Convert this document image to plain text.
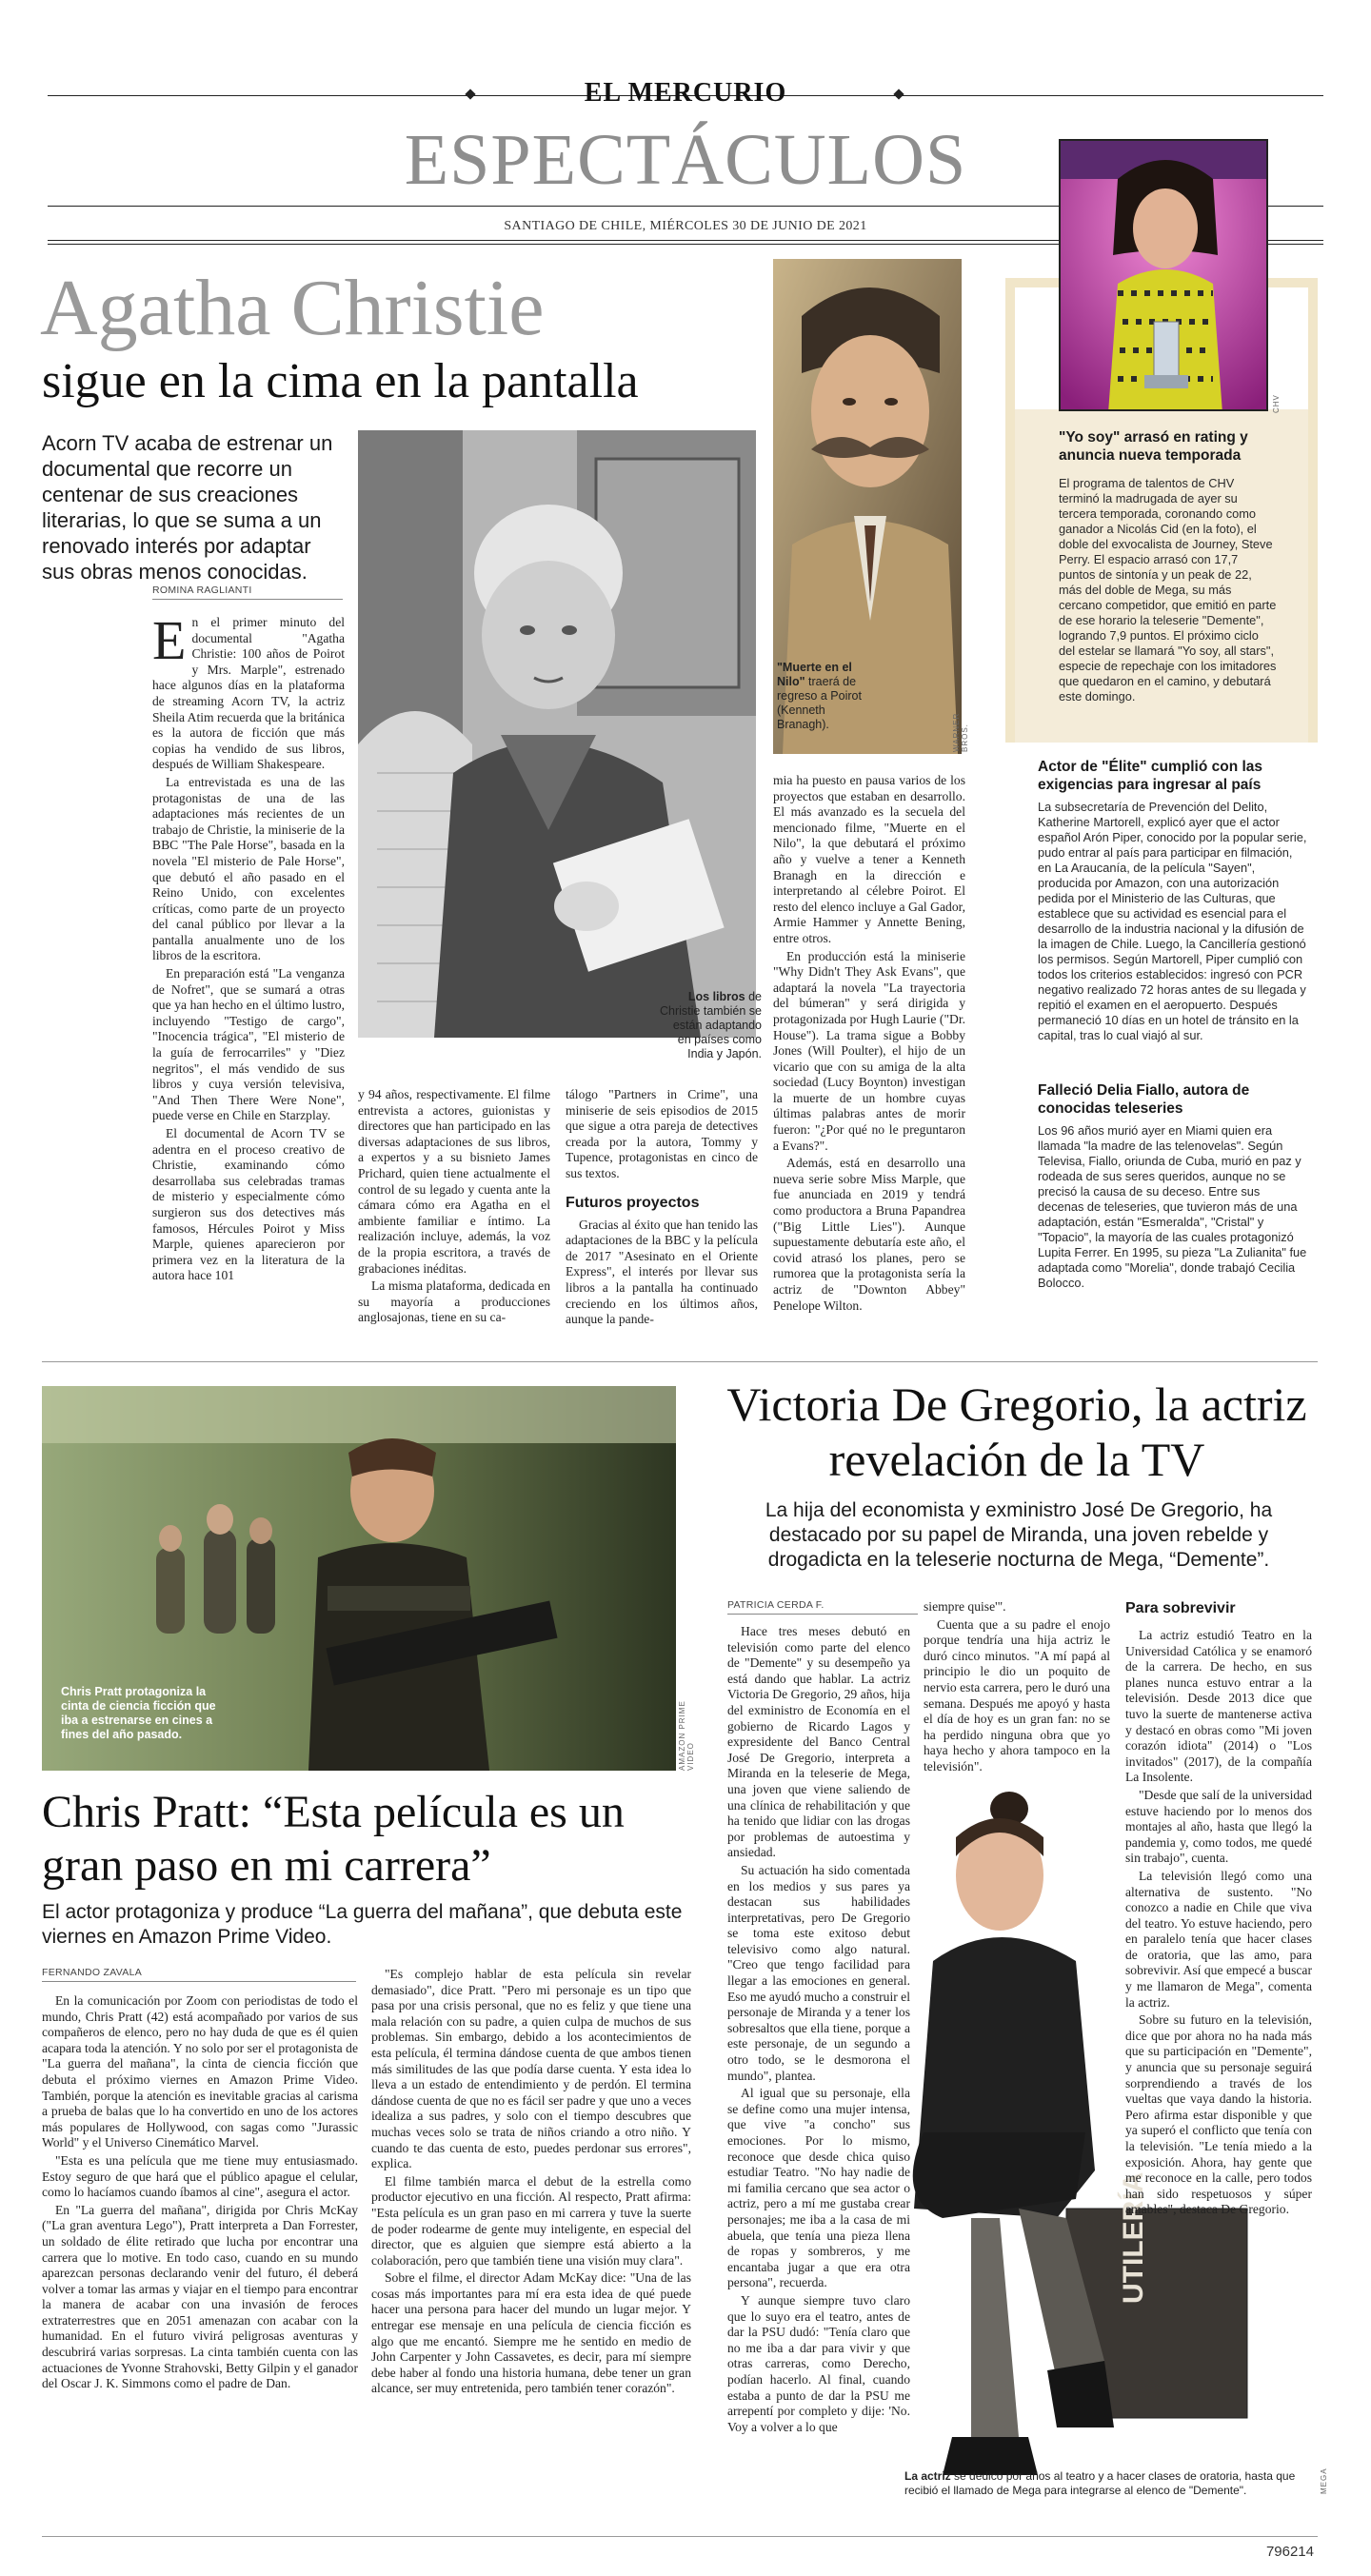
EL MERCURIO
ESPECTÁCULOS
SANTIAGO DE CHILE, MIÉRCOLES 30 DE JUNIO DE 2021
Agatha Christie
sigue en la cima en la pantalla
Acorn TV acaba de estrenar un documental que recorre un centenar de sus creaciones literarias, lo que se suma a un renovado interés por adaptar sus obras menos conocidas.
ROMINA RAGLIANTI
Los libros de Christie también se están adaptando en países como India y Japón.
"Muerte en el Nilo" traerá de regreso a Poirot (Kenneth Branagh).	WARNER BROS.

En el primer minuto del documental "Agatha Christie: 100 años de Poirot y Mrs. Marple", estrenado hace algunos días en la plataforma de streaming Acorn TV, la actriz Sheila Atim recuerda que la británica es la autora de ficción que más copias ha vendido de sus libros, después de William Shakespeare.

La entrevistada es una de las protagonistas de una de las adaptaciones más recientes de un trabajo de Christie, la miniserie de la BBC "The Pale Horse", basada en la novela "El misterio de Pale Horse", que debutó el año pasado en el Reino Unido, con excelentes críticas, como parte de un proyecto del canal público por llevar a la pantalla anualmente uno de los libros de la escritora.

En preparación está "La venganza de Nofret", que se sumará a otras que ya han hecho en el último lustro, incluyendo "Testigo de cargo", "Inocencia trágica", "El misterio de la guía de ferrocarriles" y "Diez negritos", el más vendido de sus libros y cuya versión televisiva, "And Then There Were None", puede verse en Chile en Starzplay.

El documental de Acorn TV se adentra en el proceso creativo de Christie, examinando cómo desarrollaba sus celebradas tramas de misterio y especialmente cómo surgieron sus dos detectives más famosos, Hércules Poirot y Miss Marple, quienes aparecieron por primera vez en la literatura de la autora hace 101

y 94 años, respectivamente. El filme entrevista a actores, guionistas y directores que han participado en las diversas adaptaciones de sus libros, a expertos y a su bisnieto James Prichard, quien tiene actualmente el control de su legado y cuenta ante la cámara cómo era Agatha en el ambiente familiar e íntimo. La realización incluye, además, la voz de la propia escritora, a través de grabaciones inéditas.

La misma plataforma, dedicada en su mayoría a producciones anglosajonas, tiene en su ca-

tálogo "Partners in Crime", una miniserie de seis episodios de 2015 que sigue a otra pareja de detectives creada por la autora, Tommy y Tupence, protagonistas en cinco de sus textos.

Futuros proyectos

Gracias al éxito que han tenido las adaptaciones de la BBC y la película de 2017 "Asesinato en el Oriente Express", el interés por llevar sus libros a la pantalla ha continuado creciendo en los últimos años, aunque la pande-

mia ha puesto en pausa varios de los proyectos que estaban en desarrollo. El más avanzado es la secuela del mencionado filme, "Muerte en el Nilo", la que debutará el próximo año y vuelve a tener a Kenneth Branagh en la dirección e interpretando al célebre Poirot. El resto del elenco incluye a Gal Gador, Armie Hammer y Annette Bening, entre otros.

En producción está la miniserie "Why Didn't They Ask Evans", que adaptará la novela "La trayectoria del búmeran" y será dirigida y protagonizada por Hugh Laurie ("Dr. House"). La trama sigue a Bobby Jones (Will Poulter), el hijo de un vicario que con su amiga de la alta sociedad (Lucy Boynton) investigan la muerte de un hombre cuyas últimas palabras antes de morir fueron: "¿Por qué no le preguntaron a Evans?".

Además, está en desarrollo una nueva serie sobre Miss Marple, que fue anunciada en 2019 y tendrá como productora a Bruna Papandrea ("Big Little Lies"). Aunque supuestamente debutaría este año, el covid atrasó los planes, pero se rumorea que la protagonista sería la actriz de "Downton Abbey" Penelope Wilton.

CHV
"Yo soy" arrasó en rating y anuncia nueva temporada
El programa de talentos de CHV terminó la madrugada de ayer su tercera temporada, coronando como ganador a Nicolás Cid (en la foto), el doble del exvocalista de Journey, Steve Perry. El espacio arrasó con 17,7 puntos de sintonía y un peak de 22, más del doble de Mega, su más cercano competidor, que emitió en parte de ese horario la teleserie "Demente", logrando 7,9 puntos. El próximo ciclo del estelar se llamará "Yo soy, all stars", especie de repechaje con los imitadores que quedaron en el camino, y debutará este domingo.
Actor de "Élite" cumplió con las exigencias para ingresar al país
La subsecretaría de Prevención del Delito, Katherine Martorell, explicó ayer que el actor español Arón Piper, conocido por la popular serie, pudo entrar al país para participar en filmación, en La Araucanía, de la película "Sayen", producida por Amazon, con una autorización pedida por el Ministerio de las Culturas, que establece que su actividad es esencial para el desarrollo de la industria nacional y la difusión de la imagen de Chile. Luego, la Cancillería gestionó los permisos. Según Martorell, Piper cumplió con todos los criterios establecidos: ingresó con PCR negativo realizado 72 horas antes de su llegada y repitió el examen en el aeropuerto. Después permaneció 10 días en un hotel de tránsito en la capital, tras lo cual viajó al sur.
Falleció Delia Fiallo, autora de conocidas teleseries
Los 96 años murió ayer en Miami quien era llamada "la madre de las telenovelas". Según Televisa, Fiallo, oriunda de Cuba, murió en paz y rodeada de sus seres queridos, aunque no se precisó la causa de su deceso. Entre sus decenas de teleseries, que tuvieron más de una adaptación, están "Esmeralda", "Cristal" y "Topacio", la mayoría de las cuales protagonizó Lupita Ferrer. En 1995, su pieza "La Zulianita" fue adaptada como "Morelia", donde trabajó Cecilia Bolocco.
Chris Pratt protagoniza la cinta de ciencia ficción que iba a estrenarse en cines a fines del año pasado.	AMAZON PRIME VIDEO
Chris Pratt: “Esta película es un gran paso en mi carrera”
El actor protagoniza y produce “La guerra del mañana”, que debuta este viernes en Amazon Prime Video.
FERNANDO ZAVALA

En la comunicación por Zoom con periodistas de todo el mundo, Chris Pratt (42) está acompañado por varios de sus compañeros de elenco, pero no hay duda de que es él quien acapara toda la atención. Y no solo por ser el protagonista de "La guerra del mañana", la cinta de ciencia ficción que debuta el próximo viernes en Amazon Prime Video. También, porque la atención es inevitable gracias al carisma a prueba de balas que lo ha convertido en uno de los actores más populares de Hollywood, con sagas como "Jurassic World" y el Universo Cinemático Marvel.

"Esta es una película que me tiene muy entusiasmado. Estoy seguro de que hará que el público apague el celular, como lo hacíamos cuando íbamos al cine", asegura el actor.

En "La guerra del mañana", dirigida por Chris McKay ("La gran aventura Lego"), Pratt interpreta a Dan Forrester, un soldado de élite retirado que lucha por encontrar una carrera que lo motive. En todo caso, cuando en su mundo aparezcan personas declarando venir del futuro, él deberá volver a tomar las armas y viajar en el tiempo para encontrar la manera de acabar con una invasión de feroces extraterrestres que en 2051 amenazan con acabar con la humanidad. En el futuro vivirá peligrosas aventuras y descubrirá varias sorpresas. La cinta también cuenta con las actuaciones de Yvonne Strahovski, Betty Gilpin y el ganador del Oscar J. K. Simmons como el padre de Dan.

"Es complejo hablar de esta película sin revelar demasiado", dice Pratt. "Pero mi personaje es un tipo que pasa por una crisis personal, que no es feliz y que tiene una mala relación con su padre, a quien culpa de muchos de sus problemas. Sin embargo, debido a los acontecimientos de esta película, él termina dándose cuenta de que ambos tienen más similitudes de las que podía darse cuenta. Y esta idea lo lleva a un estado de entendimiento y de perdón. El termina dándose cuenta de que no es fácil ser padre y que uno a veces idealiza a sus padres, y solo con el tiempo descubres que muchas veces solo se trata de niños criando a otro niño. Y cuando te das cuenta de esto, puedes perdonar sus errores", explica.

El filme también marca el debut de la estrella como productor ejecutivo en una ficción. Al respecto, Pratt afirma: "Esta película es un gran paso en mi carrera y tuve la suerte de poder rodearme de gente muy inteligente, en especial del director, que es alguien que siempre está abierto a la colaboración, pero que también tiene una visión muy clara".

Sobre el filme, el director Adam McKay dice: "Una de las cosas más importantes para mí era esta idea de qué puede hacer una persona para hacer del mundo un lugar mejor. Y entregar ese mensaje en una película de ciencia ficción es algo que me encantó. Siempre me he sentido en medio de John Carpenter y John Cassavetes, es decir, para mí siempre debe haber al fondo una historia humana, debe tener un gran alcance, ser muy entretenida, pero también tener corazón".

Victoria De Gregorio, la actriz revelación de la TV
La hija del economista y exministro José De Gregorio, ha destacado por su papel de Miranda, una joven rebelde y drogadicta en la teleserie nocturna de Mega, “Demente”.
PATRICIA CERDA F.
UTILERÍA
La actriz se dedicó por años al teatro y a hacer clases de oratoria, hasta que recibió el llamado de Mega para integrarse al elenco de "Demente".	MEGA

Hace tres meses debutó en televisión como parte del elenco de "Demente" y su desempeño ya está dando que hablar. La actriz Victoria De Gregorio, 29 años, hija del exministro de Economía en el gobierno de Ricardo Lagos y expresidente del Banco Central José De Gregorio, interpreta a Miranda en la teleserie de Mega, una joven que viene saliendo de una clínica de rehabilitación y que ha tenido que lidiar con las drogas por problemas de autoestima y ansiedad.

Su actuación ha sido comentada en los medios y sus pares ya destacan sus habilidades interpretativas, pero De Gregorio se toma este exitoso debut televisivo como algo natural. "Creo que tengo facilidad para llegar a las emociones en general. Eso me ayudó mucho a construir el personaje de Miranda y a tener los sobresaltos que ella tiene, porque a este personaje, de un segundo a otro todo, se le desmorona el mundo", plantea.

Al igual que su personaje, ella se define como una mujer intensa, que vive "a concho" sus emociones. Por lo mismo, reconoce que desde chica quiso estudiar Teatro. "No hay nadie de mi familia cercano que sea actor o actriz, pero a mí me gustaba crear personajes; me iba a la casa de mi abuela, que tenía una pieza llena de ropas y sombreros, y me encantaba jugar a que era otra persona", recuerda.

Y aunque siempre tuvo claro que lo suyo era el teatro, antes de dar la PSU dudó: "Tenía claro que no me iba a dar para vivir y que otras carreras, como Derecho, podían hacerlo. Al final, cuando estaba a punto de dar la PSU me arrepentí por completo y dije: 'No. Voy a volver a lo que

siempre quise'".

Cuenta que a su padre el enojo porque tendría una hija actriz le duró cinco minutos. "A mí papá al principio le dio un poquito de nervio esta carrera, pero le duró una semana. Después me apoyó y hasta el día de hoy es un gran fan: no se ha perdido ninguna obra que yo haya hecho y ahora tampoco en la televisión".

Para sobrevivir

La actriz estudió Teatro en la Universidad Católica y se enamoró de la carrera. De hecho, en sus planes nunca estuvo entrar a la televisión. Desde 2013 dice que tuvo la suerte de mantenerse activa y destacó en obras como "Mi joven corazón idiota" (2014) o "Los invitados" (2017), de la compañía La Insolente.

"Desde que salí de la universidad estuve haciendo por lo menos dos montajes al año, hasta que llegó la pandemia y, como todos, me quedé sin trabajo", cuenta.

La televisión llegó como una alternativa de sustento. "No conozco a nadie en Chile que viva del teatro. Yo estuve haciendo, pero en paralelo tenía que hacer clases de oratoria, que las amo, para sobrevivir. Así que empecé a buscar y me llamaron de Mega", comenta la actriz.

Sobre su futuro en la televisión, dice que por ahora no ha nada más que su participación en "Demente", y anuncia que su personaje seguirá sorprendiendo a través de los vueltas que vaya dando la historia. Pero afirma estar disponible y que ya superó el conflicto que tenía con la televisión. "Le tenía miedo a la exposición. Ahora, hay gente que me reconoce en la calle, pero todos han sido respetuosos y súper amables", destaca De Gregorio.

796214
